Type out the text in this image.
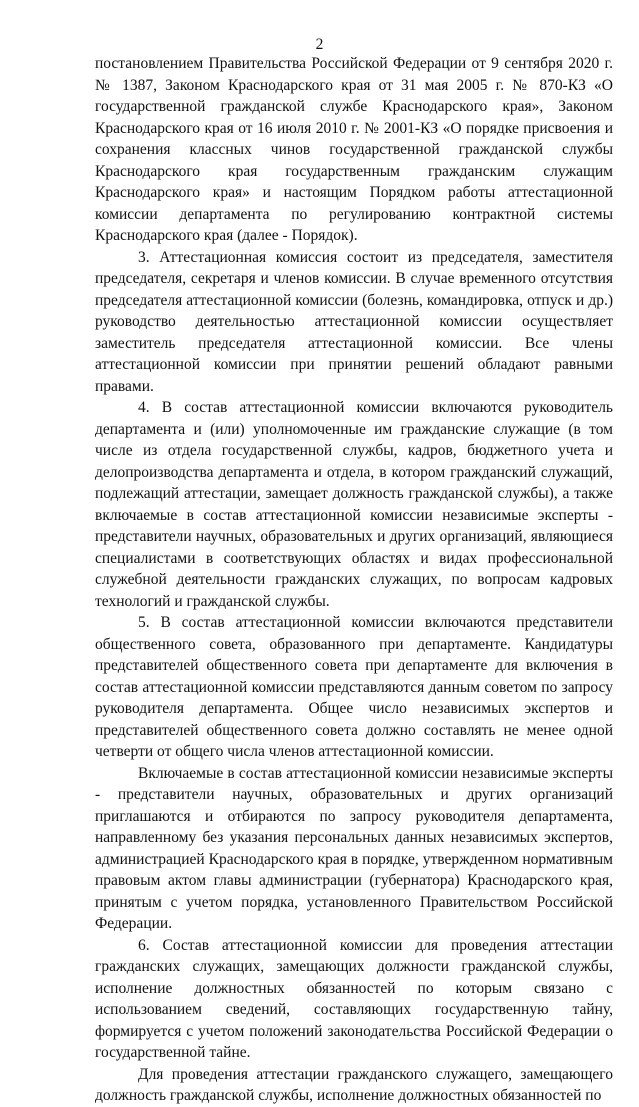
2

постановлением Правительства Российской Федерации от 9 сентября 2020 г. № 1387, Законом Краснодарского края от 31 мая 2005 г. № 870-КЗ «О государственной гражданской службе Краснодарского края», Законом Краснодарского края от 16 июля 2010 г. № 2001-КЗ «О порядке присвоения и сохранения классных чинов государственной гражданской службы Краснодарского края государственным гражданским служащим Краснодарского края» и настоящим Порядком работы аттестационной комиссии департамента по регулированию контрактной системы Краснодарского края (далее - Порядок).

3. Аттестационная комиссия состоит из председателя, заместителя председателя, секретаря и членов комиссии. В случае временного отсутствия председателя аттестационной комиссии (болезнь, командировка, отпуск и др.) руководство деятельностью аттестационной комиссии осуществляет заместитель председателя аттестационной комиссии. Все члены аттестационной комиссии при принятии решений обладают равными правами.

4. В состав аттестационной комиссии включаются руководитель департамента и (или) уполномоченные им гражданские служащие (в том числе из отдела государственной службы, кадров, бюджетного учета и делопроизводства департамента и отдела, в котором гражданский служащий, подлежащий аттестации, замещает должность гражданской службы), а также включаемые в состав аттестационной комиссии независимые эксперты - представители научных, образовательных и других организаций, являющиеся специалистами в соответствующих областях и видах профессиональной служебной деятельности гражданских служащих, по вопросам кадровых технологий и гражданской службы.

5. В состав аттестационной комиссии включаются представители общественного совета, образованного при департаменте. Кандидатуры представителей общественного совета при департаменте для включения в состав аттестационной комиссии представляются данным советом по запросу руководителя департамента. Общее число независимых экспертов и представителей общественного совета должно составлять не менее одной четверти от общего числа членов аттестационной комиссии.

Включаемые в состав аттестационной комиссии независимые эксперты - представители научных, образовательных и других организаций приглашаются и отбираются по запросу руководителя департамента, направленному без указания персональных данных независимых экспертов, администрацией Краснодарского края в порядке, утвержденном нормативным правовым актом главы администрации (губернатора) Краснодарского края, принятым с учетом порядка, установленного Правительством Российской Федерации.

6. Состав аттестационной комиссии для проведения аттестации гражданских служащих, замещающих должности гражданской службы, исполнение должностных обязанностей по которым связано с использованием сведений, составляющих государственную тайну, формируется с учетом положений законодательства Российской Федерации о государственной тайне.

Для проведения аттестации гражданского служащего, замещающего должность гражданской службы, исполнение должностных обязанностей по
